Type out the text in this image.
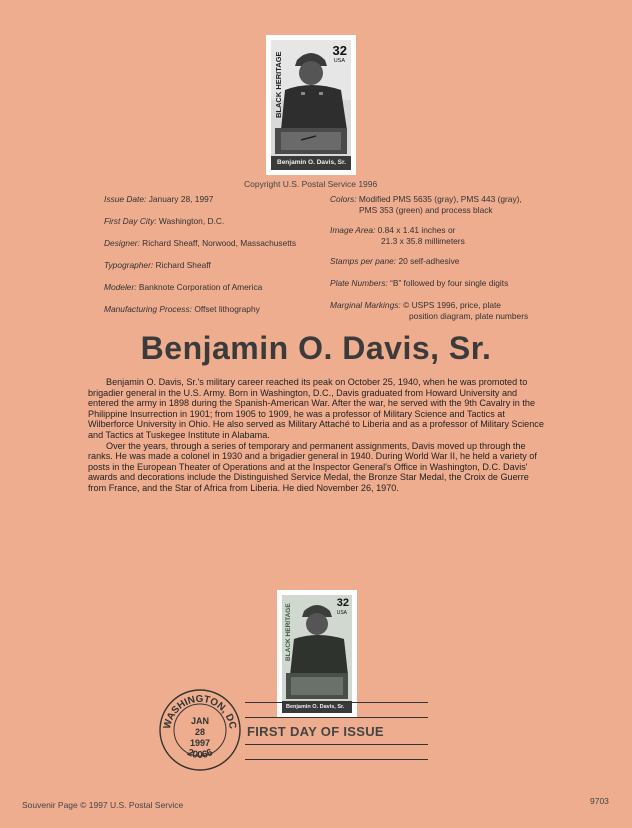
BLACK HERITAGE
32
USA
Benjamin O. Davis, Sr.
Copyright U.S. Postal Service 1996
Issue Date: January 28, 1997
First Day City: Washington, D.C.
Designer: Richard Sheaff, Norwood, Massachusetts
Typographer: Richard Sheaff
Modeler: Banknote Corporation of America
Manufacturing Process: Offset lithography
Colors: Modified PMS 5635 (gray), PMS 443 (gray),
PMS 353 (green) and process black
Image Area: 0.84 x 1.41 inches or
21.3 x 35.8 millimeters
Stamps per pane: 20 self-adhesive
Plate Numbers: “B” followed by four single digits
Marginal Markings: © USPS 1996, price, plate
position diagram, plate numbers
Benjamin O. Davis, Sr.

Benjamin O. Davis, Sr.'s military career reached its peak on October 25, 1940, when he was promoted to brigadier general in the U.S. Army. Born in Washington, D.C., Davis graduated from Howard University and entered the army in 1898 during the Spanish-American War. After the war, he served with the 9th Cavalry in the Philippine Insurrection in 1901; from 1905 to 1909, he was a professor of Military Science and Tactics at Wilberforce University in Ohio. He also served as Military Attaché to Liberia and as a professor of Military Science and Tactics at Tuskegee Institute in Alabama.

Over the years, through a series of temporary and permanent assignments, Davis moved up through the ranks. He was made a colonel in 1930 and a brigadier general in 1940. During World War II, he held a variety of posts in the European Theater of Operations and at the Inspector General's Office in Washington, D.C. Davis' awards and decorations include the Distinguished Service Medal, the Bronze Star Medal, the Croix de Guerre from France, and the Star of Africa from Liberia. He died November 26, 1970.

BLACK HERITAGE
32
USA
Benjamin O. Davis, Sr.
FIRST DAY OF ISSUE
WASHINGTON, DC
20066
JAN
28
1997
Souvenir Page © 1997 U.S. Postal Service	9703
